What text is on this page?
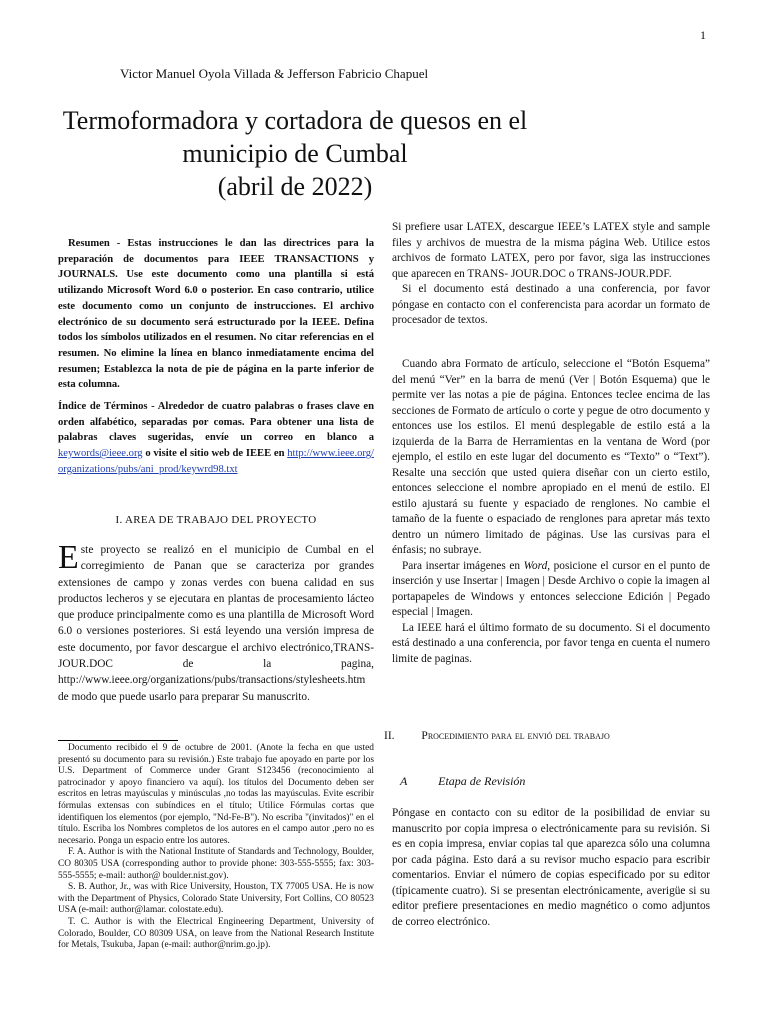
1
Victor Manuel Oyola Villada & Jefferson Fabricio Chapuel
Termoformadora y cortadora de quesos en el
municipio de Cumbal
(abril de 2022)

Resumen - Estas instrucciones le dan las directrices para la preparación de documentos para IEEE TRANSACTIONS y JOURNALS. Use este documento como una plantilla si está utilizando Microsoft Word 6.0 o posterior. En caso contrario, utilice este documento como un conjunto de instrucciones. El archivo electrónico de su documento será estructurado por la IEEE. Defina todos los símbolos utilizados en el resumen. No citar referencias en el resumen. No elimine la línea en blanco inmediatamente encima del resumen; Establezca la nota de pie de página en la parte inferior de esta columna.

Índice de Términos - Alrededor de cuatro palabras o frases clave en orden alfabético, separadas por comas. Para obtener una lista de palabras claves sugeridas, envíe un correo en blanco a keywords@ieee.org o visite el sitio web de IEEE en http://www.ieee.org/organizations/pubs/ani_prod/keywrd98.txt

I. AREA DE TRABAJO DEL PROYECTO

Este proyecto se realizó en el municipio de Cumbal en el corregimiento de Panan que se caracteriza por grandes extensiones de campo y zonas verdes con buena calidad en sus productos lecheros y se ejecutara en plantas de procesamiento lácteo que produce principalmente como es una plantilla de Microsoft Word 6.0 o versiones posteriores. Si está leyendo una versión impresa de este documento, por favor descargue el archivo electrónico,TRANS-JOUR.DOC de la pagina, http://www.ieee.org/organizations/pubs/transactions/stylesheets.htm de modo que puede usarlo para preparar Su manuscrito.

Documento recibido el 9 de octubre de 2001. (Anote la fecha en que usted presentó su documento para su revisión.) Este trabajo fue apoyado en parte por los U.S. Department of Commerce under Grant S123456 (reconocimiento al patrocinador y apoyo financiero va aquí). los títulos del Documento deben ser escritos en letras mayúsculas y minúsculas ,no todas las mayúsculas. Evite escribir fórmulas extensas con subíndices en el título; Utilice Fórmulas cortas que identifiquen los elementos (por ejemplo, "Nd-Fe-B"). No escriba "(invitados)" en el título. Escriba los Nombres completos de los autores en el campo autor ,pero no es necesario. Ponga un espacio entre los autores.

F. A. Author is with the National Institute of Standards and Technology, Boulder, CO 80305 USA (corresponding author to provide phone: 303-555-5555; fax: 303-555-5555; e-mail: author@ boulder.nist.gov).

S. B. Author, Jr., was with Rice University, Houston, TX 77005 USA. He is now with the Department of Physics, Colorado State University, Fort Collins, CO 80523 USA (e-mail: author@lamar. colostate.edu).

T. C. Author is with the Electrical Engineering Department, University of Colorado, Boulder, CO 80309 USA, on leave from the National Research Institute for Metals, Tsukuba, Japan (e-mail: author@nrim.go.jp).

Si prefiere usar LATEX, descargue IEEE’s LATEX style and sample files y archivos de muestra de la misma página Web. Utilice estos archivos de formato LATEX, pero por favor, siga las instrucciones que aparecen en TRANS- JOUR.DOC o TRANS-JOUR.PDF.

Si el documento está destinado a una conferencia, por favor póngase en contacto con el conferencista para acordar un formato de procesador de textos.

Cuando abra Formato de artículo, seleccione el “Botón Esquema” del menú “Ver” en la barra de menú (Ver | Botón Esquema) que le permite ver las notas a pie de página. Entonces teclee encima de las secciones de Formato de artículo o corte y pegue de otro documento y entonces use los estilos. El menú desplegable de estilo está a la izquierda de la Barra de Herramientas en la ventana de Word (por ejemplo, el estilo en este lugar del documento es “Texto” o “Text”). Resalte una sección que usted quiera diseñar con un cierto estilo, entonces seleccione el nombre apropiado en el menú de estilo. El estilo ajustará su fuente y espaciado de renglones. No cambie el tamaño de la fuente o espaciado de renglones para apretar más texto dentro un número limitado de páginas. Use las cursivas para el énfasis; no subraye.

Para insertar imágenes en Word, posicione el cursor en el punto de inserción y use Insertar | Imagen | Desde Archivo o copie la imagen al portapapeles de Windows y entonces seleccione Edición | Pegado especial | Imagen.

La IEEE hará el último formato de su documento. Si el documento está destinado a una conferencia, por favor tenga en cuenta el numero limite de paginas.

II. Procedimiento para el envió del trabajo
A	Etapa de Revisión

Póngase en contacto con su editor de la posibilidad de enviar su manuscrito por copia impresa o electrónicamente para su revisión. Si es en copia impresa, enviar copias tal que aparezca sólo una columna por cada página. Esto dará a su revisor mucho espacio para escribir comentarios. Enviar el número de copias especificado por su editor (típicamente cuatro). Si se presentan electrónicamente, averigüe si su editor prefiere presentaciones en medio magnético o como adjuntos de correo electrónico.
